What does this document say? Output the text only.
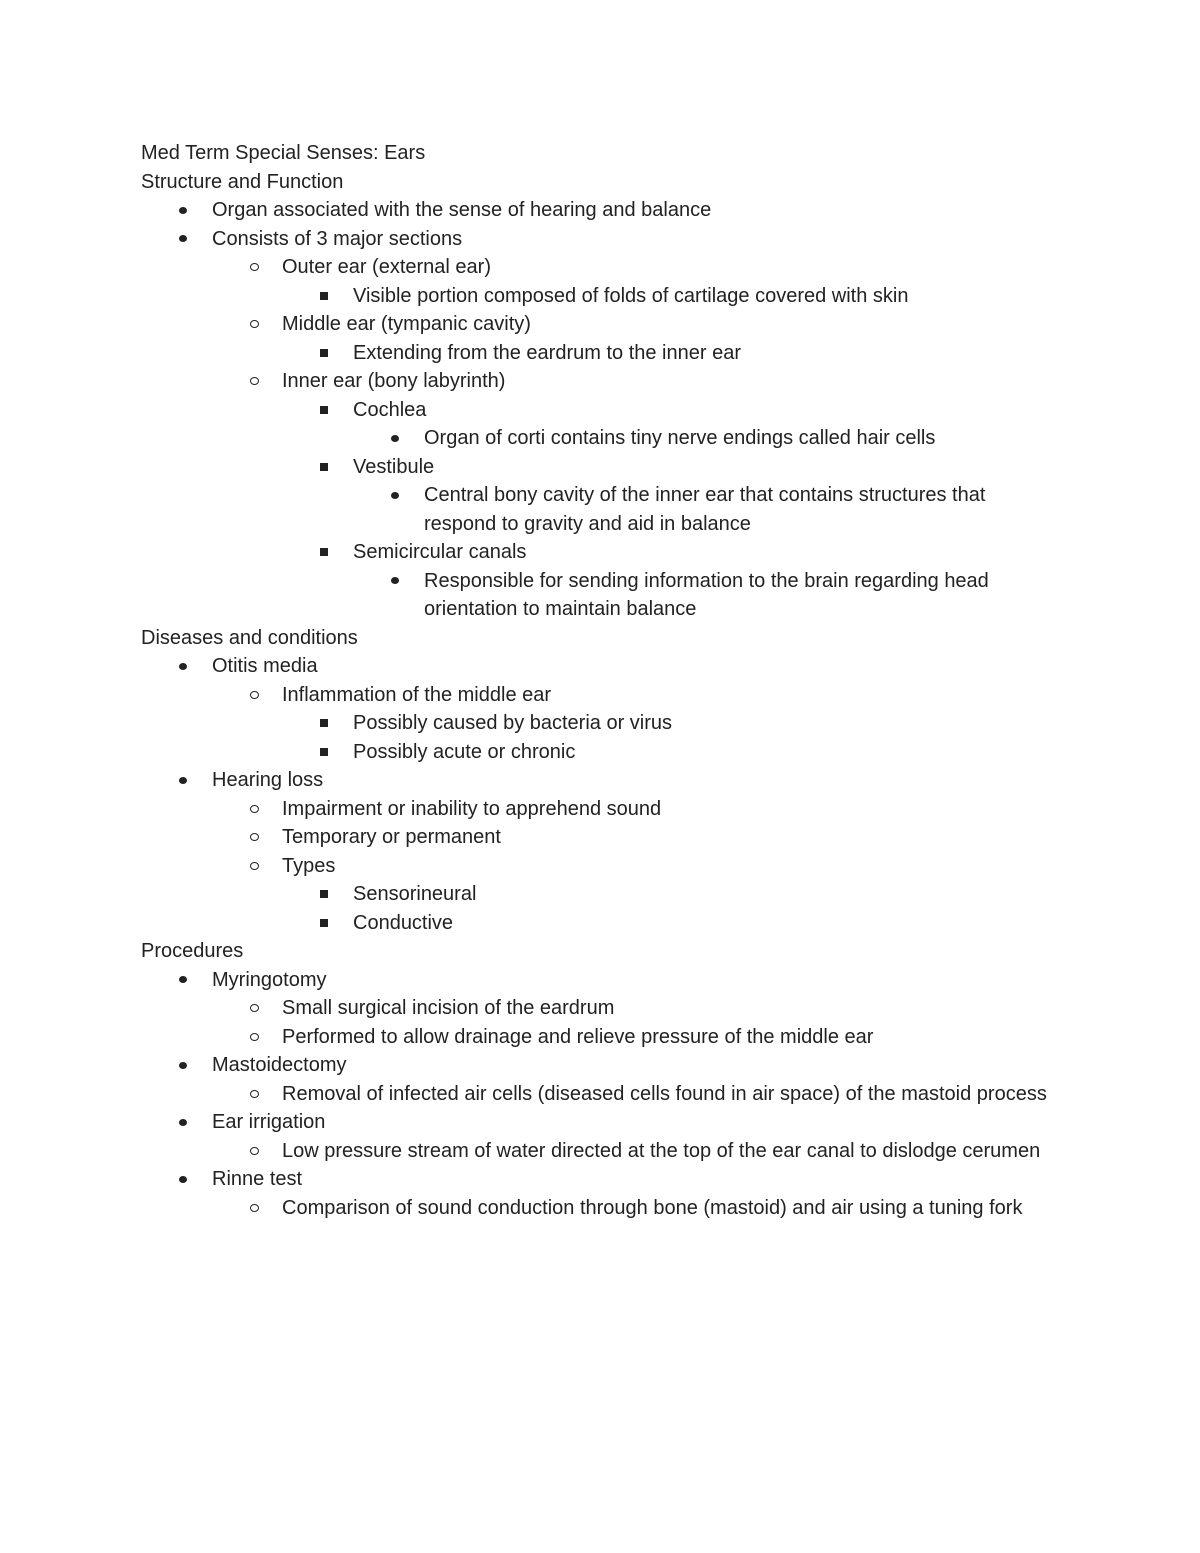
Med Term Special Senses: Ears
Structure and Function
Organ associated with the sense of hearing and balance
Consists of 3 major sections
Outer ear (external ear)
Visible portion composed of folds of cartilage covered with skin
Middle ear (tympanic cavity)
Extending from the eardrum to the inner ear
Inner ear (bony labyrinth)
Cochlea
Organ of corti contains tiny nerve endings called hair cells
Vestibule
Central bony cavity of the inner ear that contains structures that respond to gravity and aid in balance
Semicircular canals
Responsible for sending information to the brain regarding head orientation to maintain balance
Diseases and conditions
Otitis media
Inflammation of the middle ear
Possibly caused by bacteria or virus
Possibly acute or chronic
Hearing loss
Impairment or inability to apprehend sound
Temporary or permanent
Types
Sensorineural
Conductive
Procedures
Myringotomy
Small surgical incision of the eardrum
Performed to allow drainage and relieve pressure of the middle ear
Mastoidectomy
Removal of infected air cells (diseased cells found in air space) of the mastoid process
Ear irrigation
Low pressure stream of water directed at the top of the ear canal to dislodge cerumen
Rinne test
Comparison of sound conduction through bone (mastoid) and air using a tuning fork
